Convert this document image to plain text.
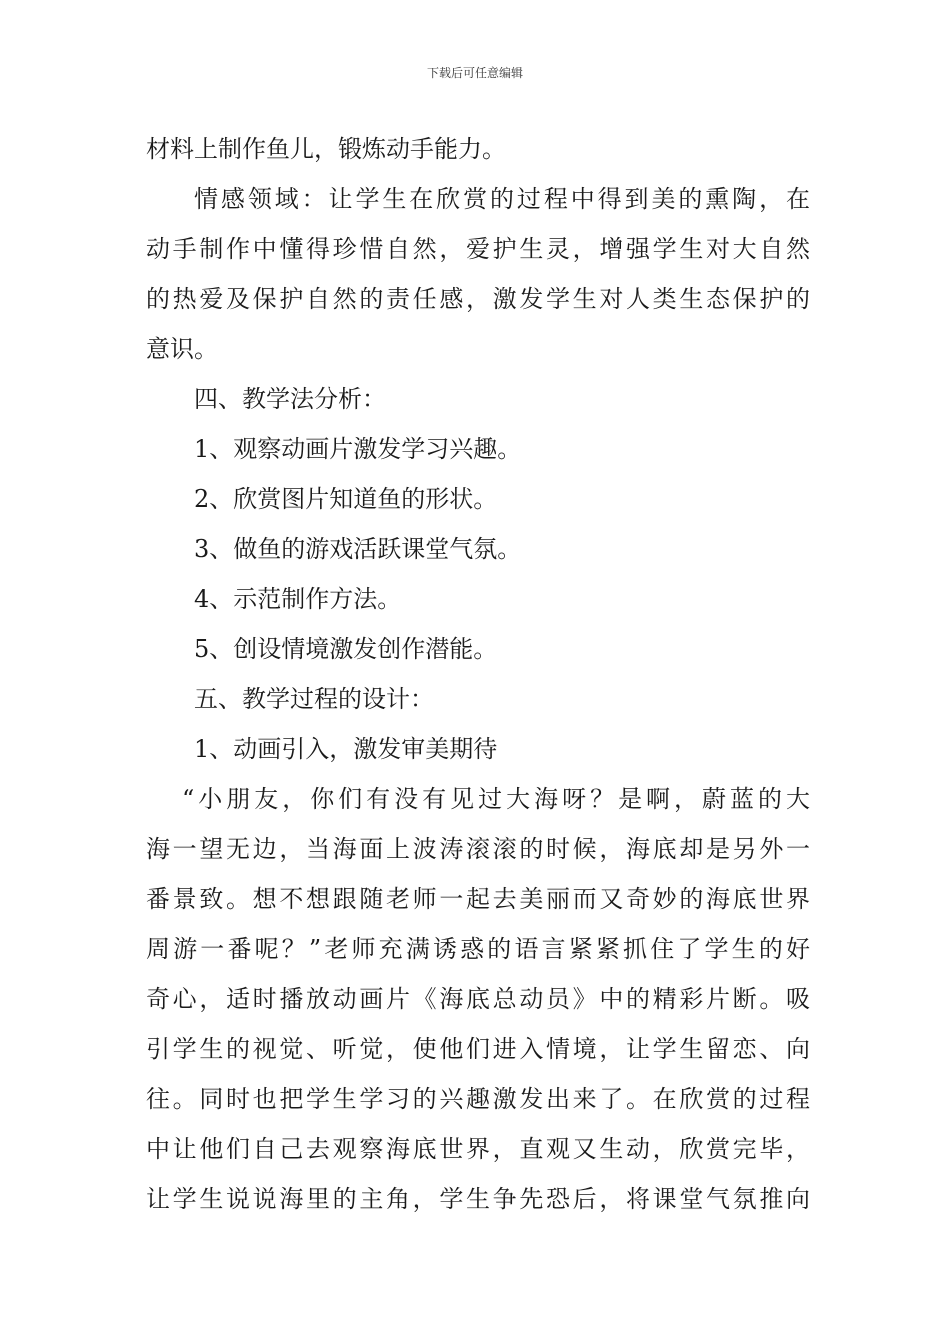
下载后可任意编辑
材料上制作鱼儿，锻炼动手能力。
情感领域：让学生在欣赏的过程中得到美的熏陶，在
动手制作中懂得珍惜自然，爱护生灵，增强学生对大自然
的热爱及保护自然的责任感，激发学生对人类生态保护的
意识。
四、教学法分析：
1、观察动画片激发学习兴趣。
2、欣赏图片知道鱼的形状。
3、做鱼的游戏活跃课堂气氛。
4、示范制作方法。
5、创设情境激发创作潜能。
五、教学过程的设计：
1、动画引入，激发审美期待
“小朋友，你们有没有见过大海呀？是啊，蔚蓝的大
海一望无边，当海面上波涛滚滚的时候，海底却是另外一
番景致。想不想跟随老师一起去美丽而又奇妙的海底世界
周游一番呢？”老师充满诱惑的语言紧紧抓住了学生的好
奇心，适时播放动画片《海底总动员》中的精彩片断。吸
引学生的视觉、听觉，使他们进入情境，让学生留恋、向
往。同时也把学生学习的兴趣激发出来了。在欣赏的过程
中让他们自己去观察海底世界，直观又生动，欣赏完毕，
让学生说说海里的主角，学生争先恐后，将课堂气氛推向
